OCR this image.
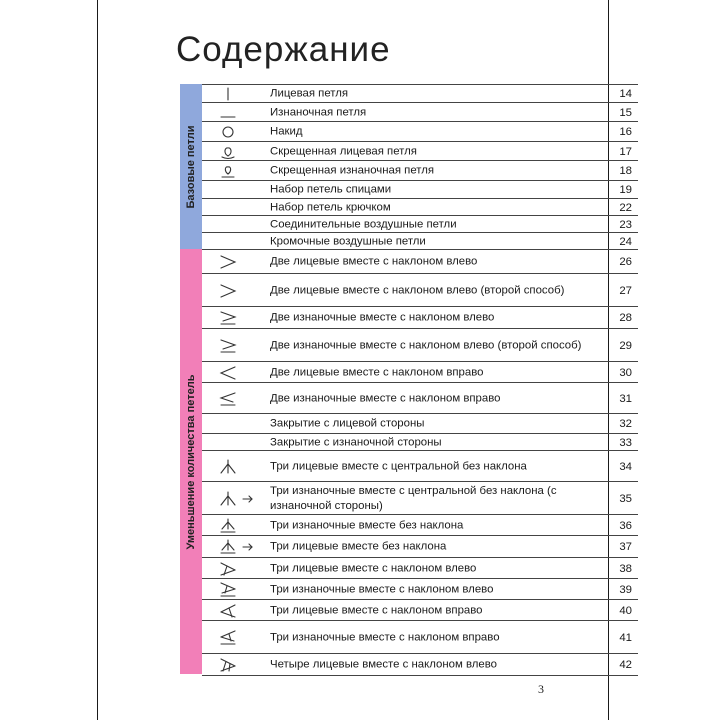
Содержание
Базовые петли
Лицевая петля	14
Изнаночная петля	15
Накид	16
Скрещенная лицевая петля	17
Скрещенная изнаночная петля	18
Набор петель спицами	19
Набор петель крючком	22
Соединительные воздушные петли	23
Кромочные воздушные петли	24
Уменьшение количества петель
Две лицевые вместе с наклоном влево	26
Две лицевые вместе с наклоном влево (второй способ)	27
Две изнаночные вместе с наклоном влево	28
Две изнаночные вместе с наклоном влево (второй способ)	29
Две лицевые вместе с наклоном вправо	30
Две изнаночные вместе с наклоном вправо	31
Закрытие с лицевой стороны	32
Закрытие с изнаночной стороны	33
Три лицевые вместе с центральной без наклона	34
Три изнаночные вместе с центральной без наклона (с изнаночной стороны)
35
Три изнаночные вместе без наклона	36
Три лицевые вместе без наклона	37
Три лицевые вместе с наклоном влево	38
Три изнаночные вместе с наклоном влево	39
Три лицевые вместе с наклоном вправо	40
Три изнаночные вместе с наклоном вправо	41
Четыре лицевые вместе с наклоном влево	42
3
